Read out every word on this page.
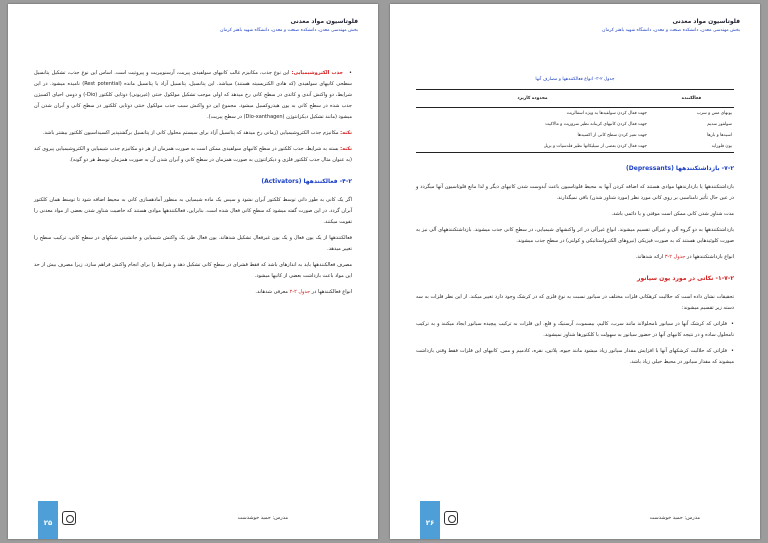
فلوتاسیون مواد معدنی
بخش مهندسی معدن، دانشکده صنعت و معدن، دانشگاه شهید باهنر کرمان

• جذب الکتروشیمیایی: این نوع جذب، مکانیزم غالب کانیهای سولفیدی پیریت، آرسنوپیریت و پیروتیت است. اساس این نوع جذب، تشکیل پتانسیل سطحی کانیهای سولفیدی (که هادی الکتریسیته هستند) میباشد. این پتانسیل، پتانسیل آزاد یا پتانسیل مانده (Rest potential) نامیده میشود. در این شرایط، دو واکنش آندی و کاتدی در سطح کانی رخ میدهد که اولی موجب تشکیل مولکول خنثی (غیریونی) دوتایی کلکتور (Dio-) و دومی احیای اکسیژن جذب شده در سطح کانی به یون هیدروکسیل میشود. مجموع این دو واکنش سبب جذب مولکول خنثی دوتایی کلکتور در سطح کانی و آبران شدن آن میشود (مانند تشکیل دیکزانتوژن (Dio-xanthagen) در سطح پیریت).

نکته: مکانیزم جذب الکتروشیمیایی (زمانی رخ میدهد که پتانسیل آزاد برای سیستم محلول کانی از پتانسیل برگشتپذیر اکسیداسیون کلکتور بیشتر باشد.

نکته: بسته به شرایط، جذب کلکتور در سطح کانیهای سولفیدی ممکن است به صورت همزمان از هر دو مکانیزم جذب شیمیایی و الکتروشیمیایی پیروی کند (به عنوان مثال جذب کلکتور فلزی و دیکزانتوژن به صورت همزمان در سطح کانی و آبران شدن آن به صورت همزمان توسط هر دو گونه).

۴-۲- فعالکنندهها (Activators)

اگر یک کانی به طور ذاتی توسط کلکتور آبران نشود و سپس یک ماده شیمیایی به منظور آمادهسازی کانی به محیط اضافه شود تا توسط همان کلکتور آبران گردد. در این صورت گفته میشود که سطح کانی فعال شده است. بنابراین، فعالکنندهها موادی هستند که خاصیت شناور شدن بعضی از مواد معدنی را تقویت میکنند.

فعالکنندهها از یک یون فعال و یک یون غیرفعال تشکیل شدهاند. یون فعال طی یک واکنش شیمیایی و جانشینی شبکهای در سطح کانی، ترکیب سطح را تغییر میدهد.

مصرف فعالکنندهها باید به اندازهای باشد که فقط قشرای در سطح کانی تشکیل دهد و شرایط را برای انجام واکنش فراهم سازد، زیرا مصرف بیش از حد این مواد باعث بازداشت بعضی از کانیها میشود.

انواع فعالکنندهها در جدول ۲-۲ معرفی شدهاند.

مدرس: حمید خوشدست
۲۵
فلوتاسیون مواد معدنی
بخش مهندسی معدن، دانشکده صنعت و معدن، دانشگاه شهید باهنر کرمان
جدول ۲-۳- انواع فعالکنندهها و مصارف آنها
فعالکننده	محدوده کاربرد
یونهای مس و سرب	جهت فعال کردن سولفیدها به ویژه اسفالریت
سولفور سدیم	جهت فعال کردن کانیهای کربناته نظیر سروزیت و مالاکیت
اسیدها و بازها	جهت تمیز کردن سطح کانی از اکسیدها
یون فلوراید	جهت فعال کردن بعضی از سیلیکاتها نظیر فلدسپات و بریل
۷-۲- بازداشتکنندهها (Depressants)

بازداشتکنندهها یا بازدارندهها موادی هستند که اضافه کردن آنها به محیط فلوتاسیون باعث آبدوست شدن کانیهای دیگر و لذا مانع فلوتاسیون آنها میگردد و در عین حال تأثیر نامناسبی بر روی کانی مورد نظر (مورد شناور شدن) باقی نمیگذارند.

مدت شناور شدن کانی ممکن است موقتی و یا دائمی باشد.

بازداشتکنندهها به دو گروه آلی و غیرآلی تقسیم میشوند. انواع غیرآلی در اثر واکنشهای شیمیایی، در سطح کانی جذب میشوند. بازداشتکنندههای آلی نیز به صورت کلوئیدهایی هستند که به صورت فیزیکی (نیروهای الکترواستاتیکی و کولنی) در سطح جذب میشوند.

انواع بازداشتکنندهها در جدول ۲-۳ ارائه شدهاند.

۱-۷-۲- نکاتی در مورد یون سیانور

تحقیقات نشان داده است که حلالیت کرهکانی فلزات مختلف در سیانور نسبت به نوع فلزی که در کرشک وجود دارد تغییر میکند. از این نظر فلزات به سه دسته زیر تقسیم میشوند:

• فلزاتی که کرشک آنها در سیانور نامحلولاند مانند سرب، کالیم، بیسموت، آرسنیک و قلع. این فلزات به ترکیب پیچیده سیانور ایجاد میکنند و به ترکیب نامحلول ساده و در نتیجه کانیهای آنها در حضور سیانور به سهولت با کلکتورها شناور نمیشوند.

• فلزاتی که حلالیت کرشکهای آنها با افزایش مقدار سیانور زیاد میشود مانند جیوه، پلاتین، نقره، کادمیم و مس. کانیهای این فلزات فقط وقتی بازداشت میشوند که مقدار سیانور در محیط خیلی زیاد باشد.

مدرس: حمید خوشدست
۲۶
